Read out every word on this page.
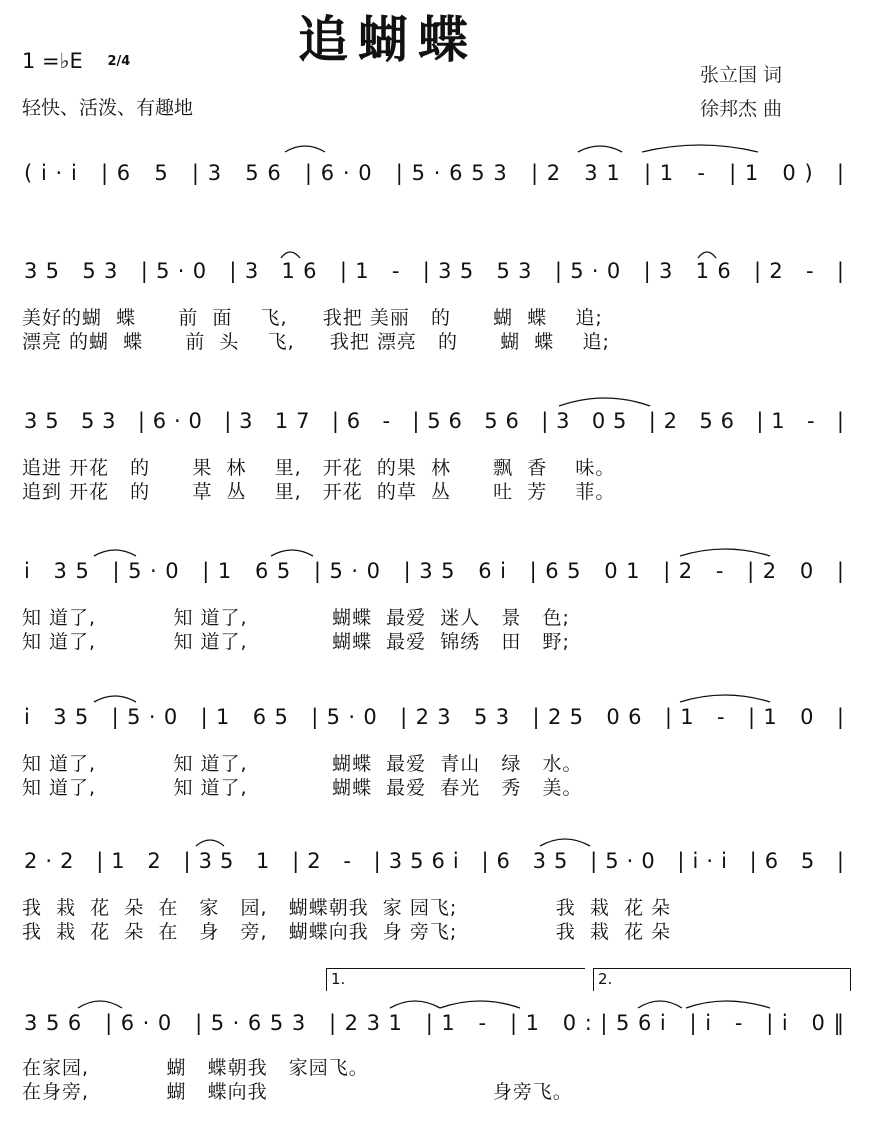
追蝴蝶
1 =♭E 2/4
轻快、活泼、有趣地
张立国 词
徐邦杰 曲
(i·i |6 5 |3 56 |6·0 |5·653 |2 31 |1 - |1 0) |
35 53 |5·0 |3 16 |1 - |35 53 |5·0 |3 16 |2 - |
35 53 |6·0 |3 17 |6 - |56 56 |3 05 |2 56 |1 - |
i 35 |5·0 |1 65 |5·0 |35 6i |65 01 |2 - |2 0 |
i 35 |5·0 |1 65 |5·0 |23 53 |25 06 |1 - |1 0 |
2·2 |1 2 |35 1 |2 - |356i |6 35 |5·0 |i·i |6 5 |
356 |6·0 |5·653 |231 |1 - |1 0:|56i |i - |i 0‖
1.	2.
美好的蝴  蝶      前  面    飞,     我把 美丽   的      蝴  蝶    追;
漂亮 的蝴  蝶      前  头    飞,     我把 漂亮   的      蝴  蝶    追;
追进 开花   的      果  林    里,   开花  的果  林      飘  香    味。
追到 开花   的      草  丛    里,   开花  的草  丛      吐  芳    菲。
知 道了,           知 道了,            蝴蝶  最爱  迷人   景   色;
知 道了,           知 道了,            蝴蝶  最爱  锦绣   田   野;
知 道了,           知 道了,            蝴蝶  最爱  青山   绿   水。
知 道了,           知 道了,            蝴蝶  最爱  春光   秀   美。
我  栽  花  朵  在   家   园,   蝴蝶朝我  家 园飞;              我  栽  花 朵
我  栽  花  朵  在   身   旁,   蝴蝶向我  身 旁飞;              我  栽  花 朵
在家园,           蝴   蝶朝我   家园飞。
在身旁,           蝴   蝶向我                                身旁飞。
